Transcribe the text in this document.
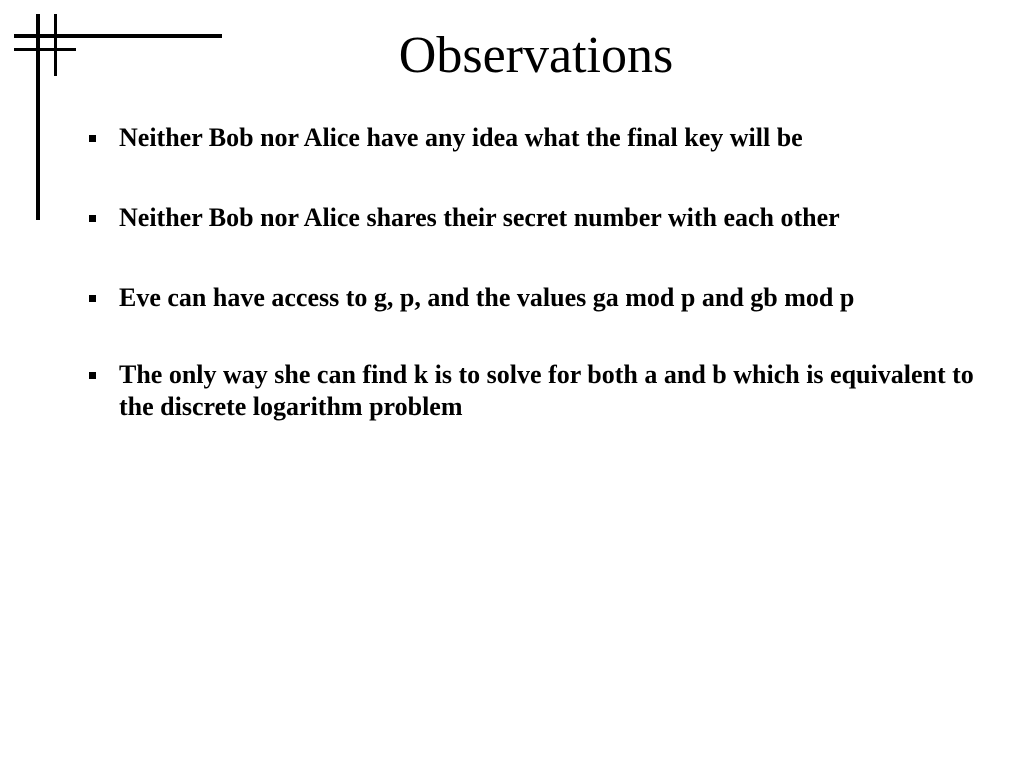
Observations
Neither Bob nor Alice have any idea what the final key will be
Neither Bob nor Alice shares their secret number with each other
Eve can have access to g, p, and the values ga mod p and gb mod p
The only way she can find k is to solve for both a and b which is equivalent to the discrete logarithm problem
